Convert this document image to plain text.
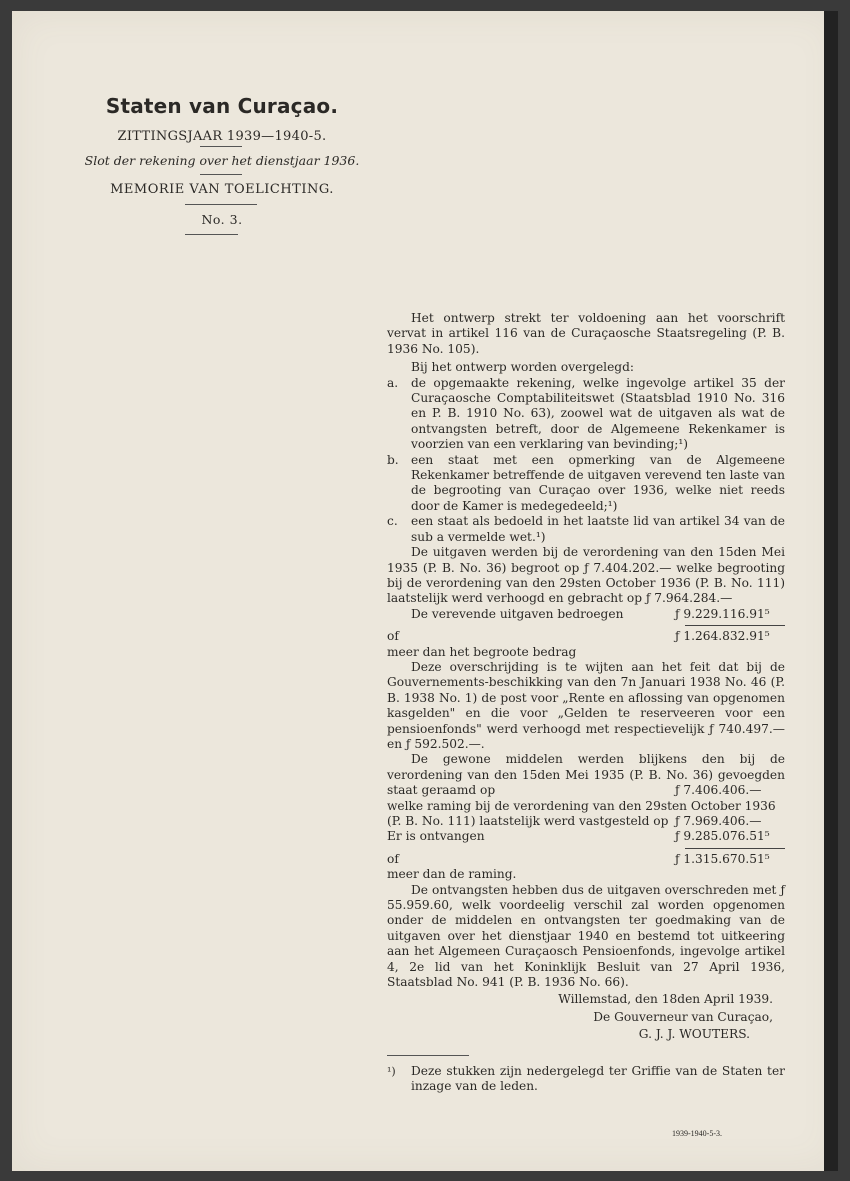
Staten van Curaçao.
ZITTINGSJAAR 1939—1940-5.
Slot der rekening over het dienstjaar 1936.
MEMORIE VAN TOELICHTING.
No. 3.

Het ontwerp strekt ter voldoening aan het voorschrift vervat in artikel 116 van de Curaçaosche Staatsregeling (P. B. 1936 No. 105).

Bij het ontwerp worden overgelegd:

a.	de opgemaakte rekening, welke ingevolge artikel 35 der Curaçaosche Comptabiliteitswet (Staatsblad 1910 No. 316 en P. B. 1910 No. 63), zoowel wat de uitgaven als wat de ontvangsten betreft, door de Algemeene Rekenkamer is voorzien van een verklaring van bevinding;¹)
b.	een staat met een opmerking van de Algemeene Rekenkamer betreffende de uitgaven verevend ten laste van de begrooting van Curaçao over 1936, welke niet reeds door de Kamer is medegedeeld;¹)
c.	een staat als bedoeld in het laatste lid van artikel 34 van de sub a vermelde wet.¹)

De uitgaven werden bij de verordening van den 15den Mei 1935 (P. B. No. 36) begroot op ƒ 7.404.202.— welke begrooting bij de verordening van den 29sten October 1936 (P. B. No. 111) laatstelijk werd verhoogd en gebracht op ƒ 7.964.284.—

De verevende uitgaven bedroegen	ƒ 9.229.116.91⁵
of	ƒ 1.264.832.91⁵

meer dan het begroote bedrag

Deze overschrijding is te wijten aan het feit dat bij de Gouvernements-beschikking van den 7n Januari 1938 No. 46 (P. B. 1938 No. 1) de post voor „Rente en aflossing van opgenomen kasgelden" en die voor „Gelden te reserveeren voor een pensioenfonds" werd verhoogd met respectievelijk ƒ 740.497.— en ƒ 592.502.—.

De gewone middelen werden blijkens den bij de verordening van den 15den Mei 1935 (P. B. No. 36) gevoegden staat geraamd op	ƒ 7.406.406.—

welke raming bij de verordening van den 29sten October 1936

(P. B. No. 111) laatstelijk werd vastgesteld op ƒ 7.969.406.—
Er is ontvangen	ƒ 9.285.076.51⁵
of	ƒ 1.315.670.51⁵

meer dan de raming.

De ontvangsten hebben dus de uitgaven overschreden met ƒ 55.959.60, welk voordeelig verschil zal worden opgenomen onder de middelen en ontvangsten ter goedmaking van de uitgaven over het dienstjaar 1940 en bestemd tot uitkeering aan het Algemeen Curaçaosch Pensioenfonds, ingevolge artikel 4, 2e lid van het Koninklijk Besluit van 27 April 1936, Staatsblad No. 941 (P. B. 1936 No. 66).

Willemstad, den 18den April 1939.

De Gouverneur van Curaçao,

G. J. J. WOUTERS.

¹)	Deze stukken zijn nedergelegd ter Griffie van de Staten ter inzage van de leden.
1939-1940-5-3.
